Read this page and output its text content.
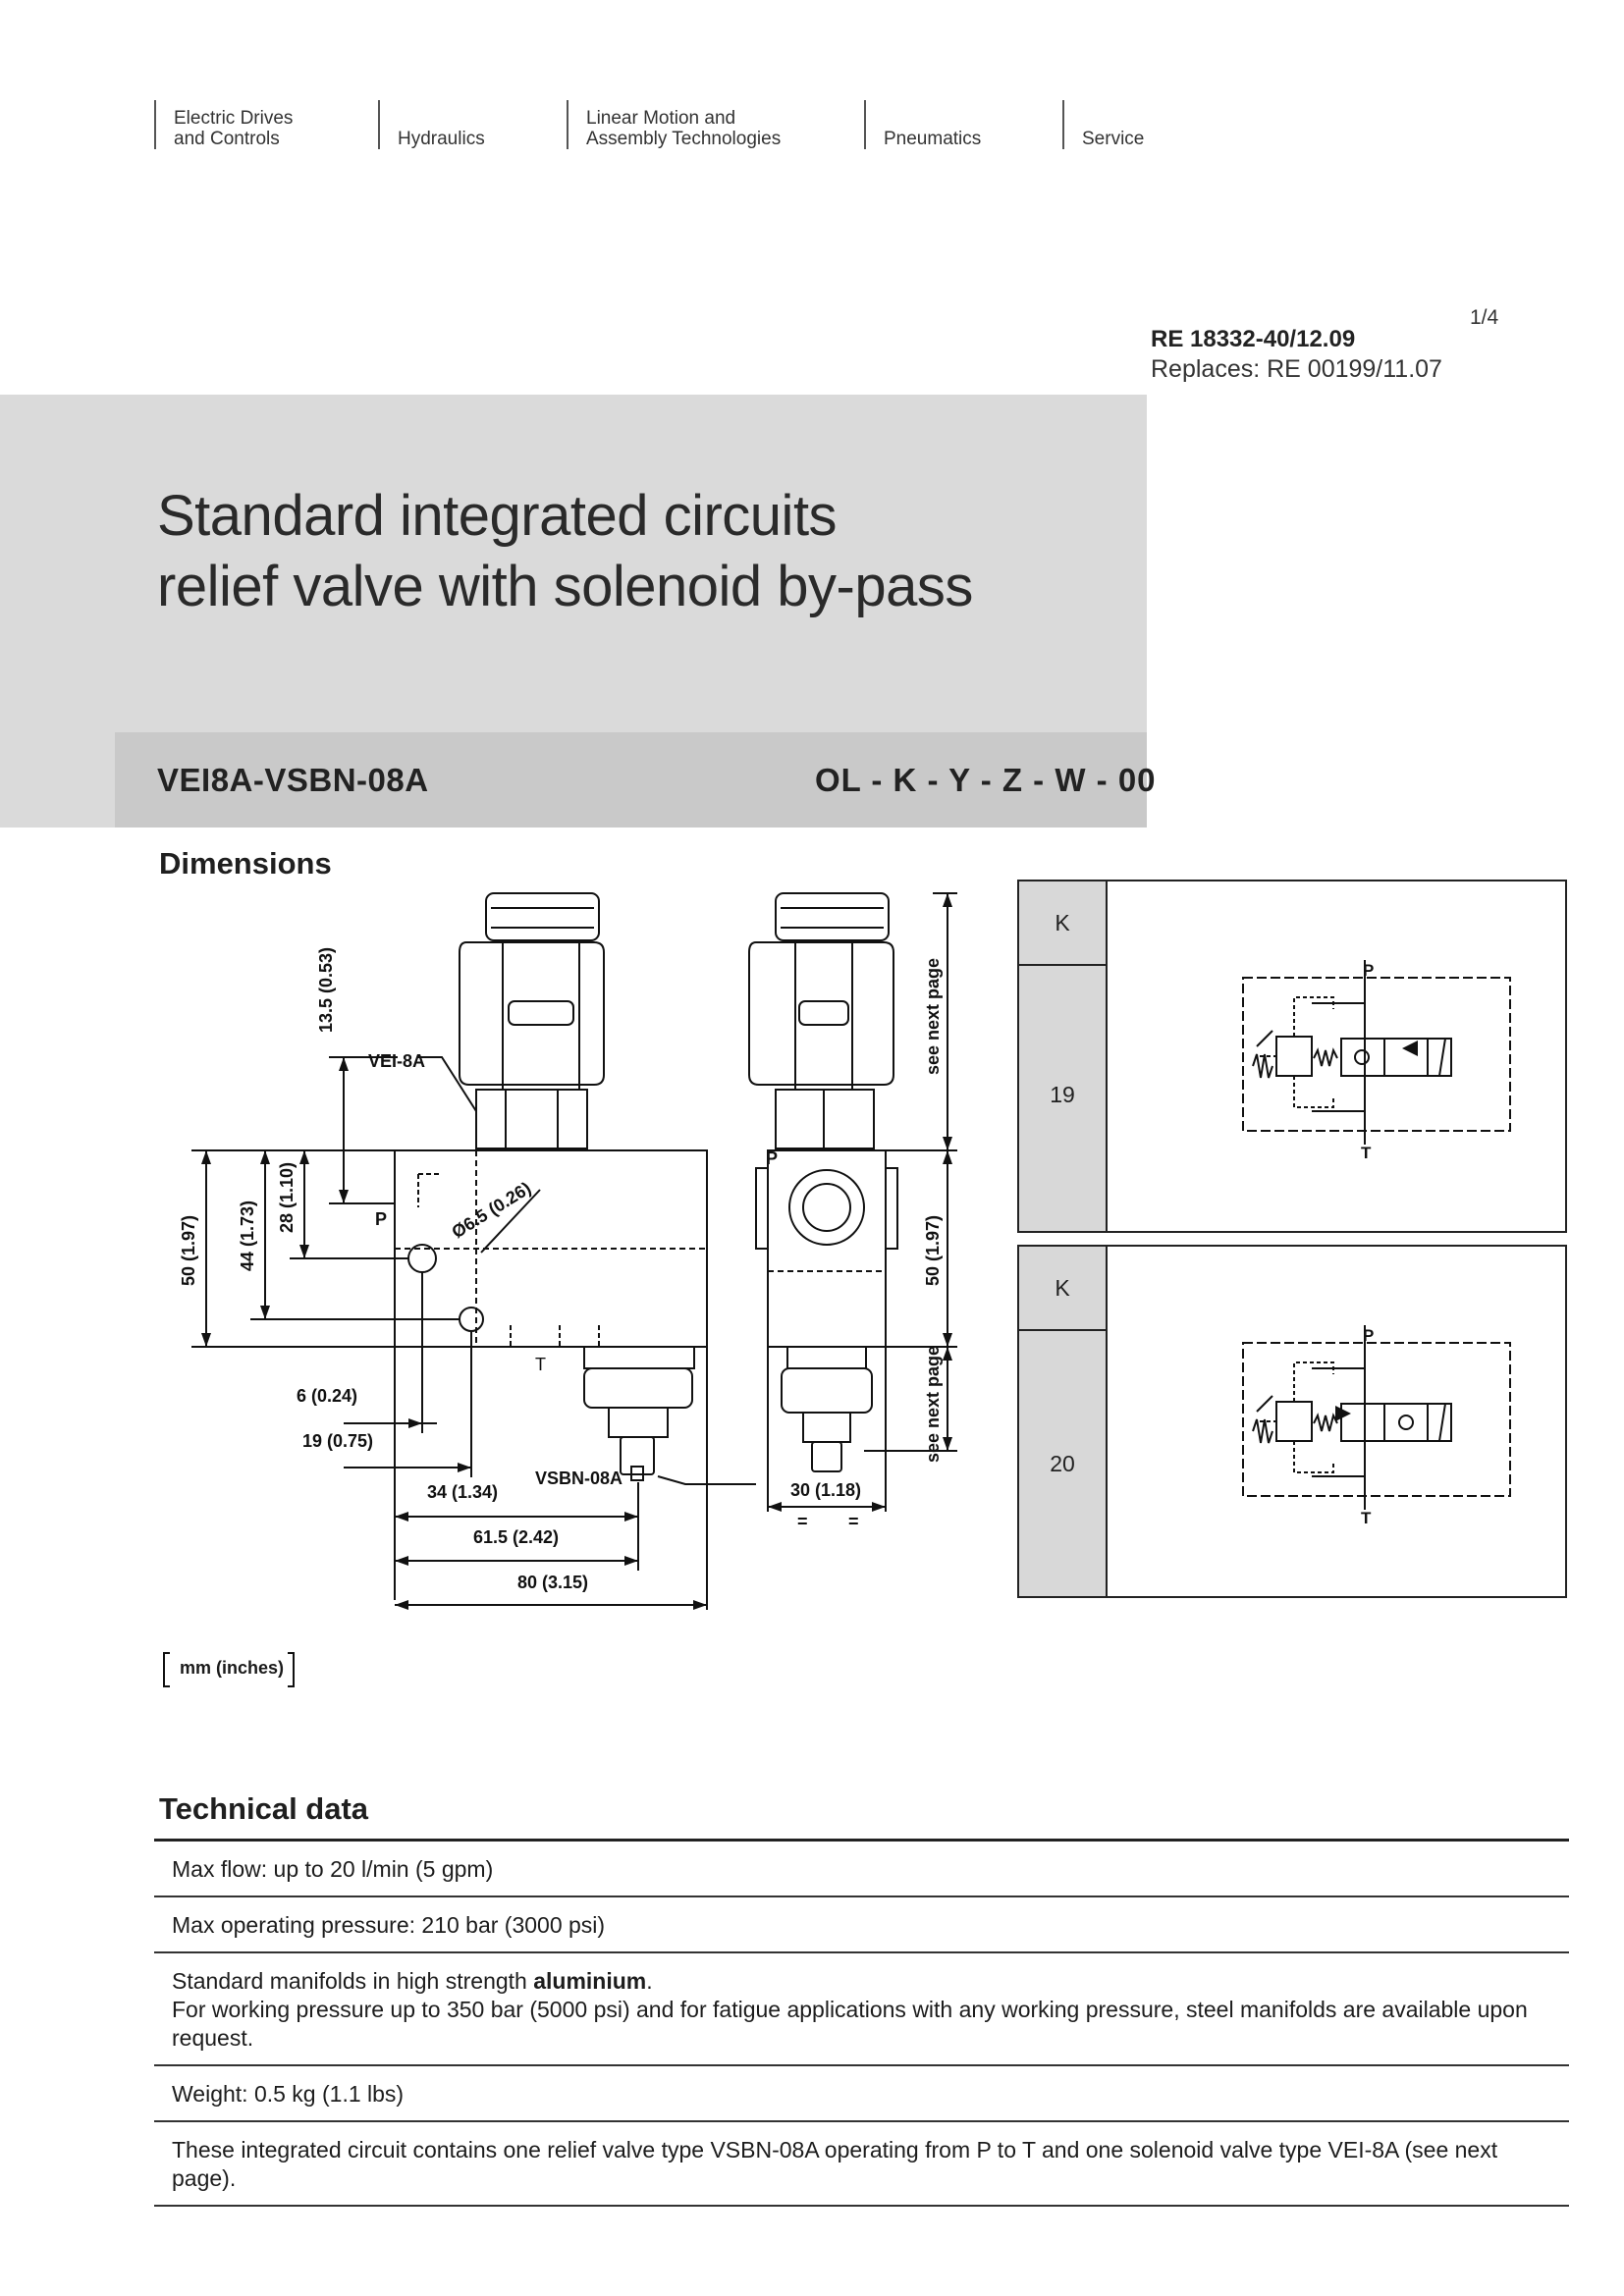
Electric Drives
and Controls	Hydraulics
Linear Motion and
Assembly Technologies	Pneumatics	Service
1/4
RE 18332-40/12.09
Replaces: RE 00199/11.07
Standard integrated circuits
relief valve with solenoid by-pass
VEI8A-VSBN-08A	OL - K - Y - Z - W - 00
Dimensions
VEI-8A
VSBN-08A
P
T
Ø6.5 (0.26)
P
13.5 (0.53)
28 (1.10)
44 (1.73)
50 (1.97)	50 (1.97)
see next page
see next page
6 (0.24)
19 (0.75)
34 (1.34)
61.5 (2.42)
80 (3.15)
30 (1.18)
= =
mm (inches)
K
19
P
T
K
20
P
T
Technical data
Max flow: up to 20 l/min (5 gpm)
Max operating pressure: 210 bar (3000 psi)
Standard manifolds in high strength aluminium.
For working pressure up to 350 bar (5000 psi) and for fatigue applications with any working pressure, steel manifolds are available upon request.
Weight: 0.5 kg (1.1 lbs)
These integrated circuit contains one relief valve type VSBN-08A operating from P to T and one solenoid valve type VEI-8A (see next page).
